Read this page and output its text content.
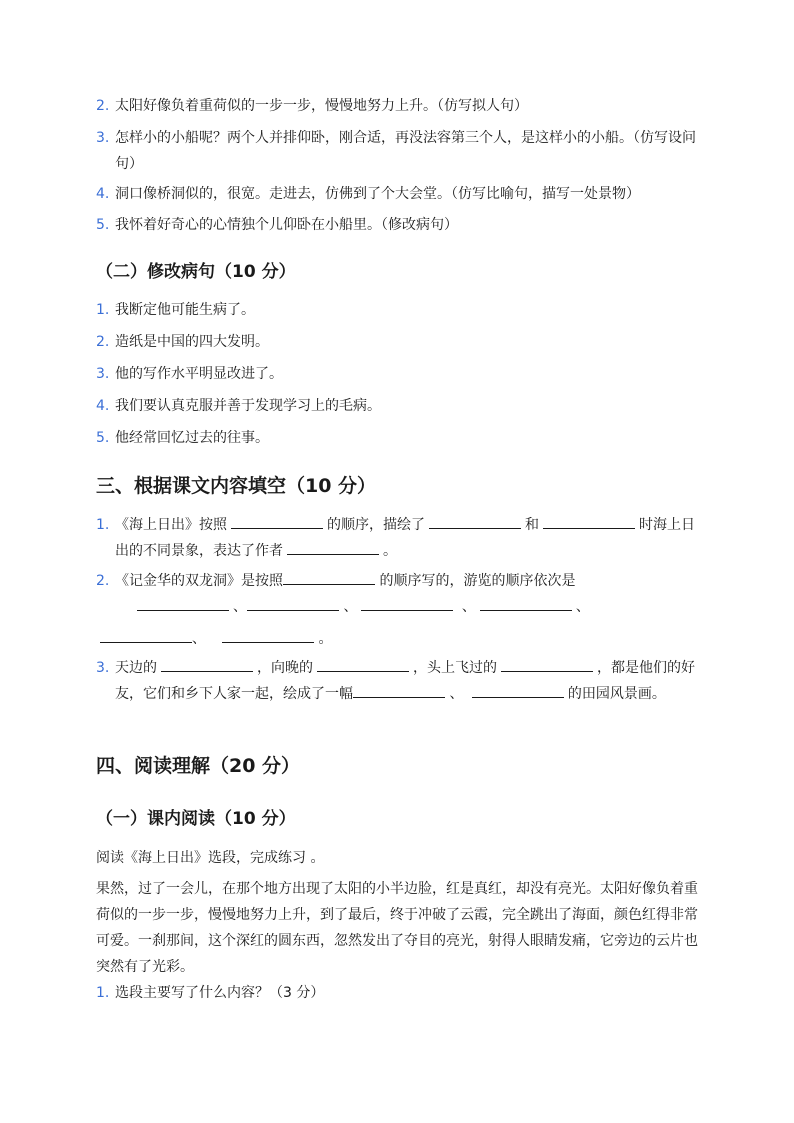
2. 太阳好像负着重荷似的一步一步，慢慢地努力上升。（仿写拟人句）
3. 怎样小的小船呢？两个人并排仰卧，刚合适，再没法容第三个人，是这样小的小船。（仿写设问句）
4. 洞口像桥洞似的，很宽。走进去，仿佛到了个大会堂。（仿写比喻句，描写一处景物）
5. 我怀着好奇心的心情独个儿仰卧在小船里。（修改病句）
（二）修改病句（10 分）
1. 我断定他可能生病了。
2. 造纸是中国的四大发明。
3. 他的写作水平明显改进了。
4. 我们要认真克服并善于发现学习上的毛病。
5. 他经常回忆过去的往事。
三、根据课文内容填空（10 分）
1. 《海上日出》按照	的顺序，描绘了	和	时海上日出的不同景象，表达了作者	。
2. 《记金华的双龙洞》是按照	的顺序写的，游览的顺序依次是
、	、	、	、
、	。
3. 天边的	，向晚的	，头上飞过的	，都是他们的好友，它们和乡下人家一起，绘成了一幅	、	的田园风景画。
四、阅读理解（20 分）
（一）课内阅读（10 分）
阅读《海上日出》选段，完成练习 。
果然，过了一会儿，在那个地方出现了太阳的小半边脸，红是真红，却没有亮光。太阳好像负着重荷似的一步一步，慢慢地努力上升，到了最后，终于冲破了云霞，完全跳出了海面，颜色红得非常可爱。一刹那间，这个深红的圆东西，忽然发出了夺目的亮光，射得人眼睛发痛，它旁边的云片也突然有了光彩。
1. 选段主要写了什么内容？（3 分）
